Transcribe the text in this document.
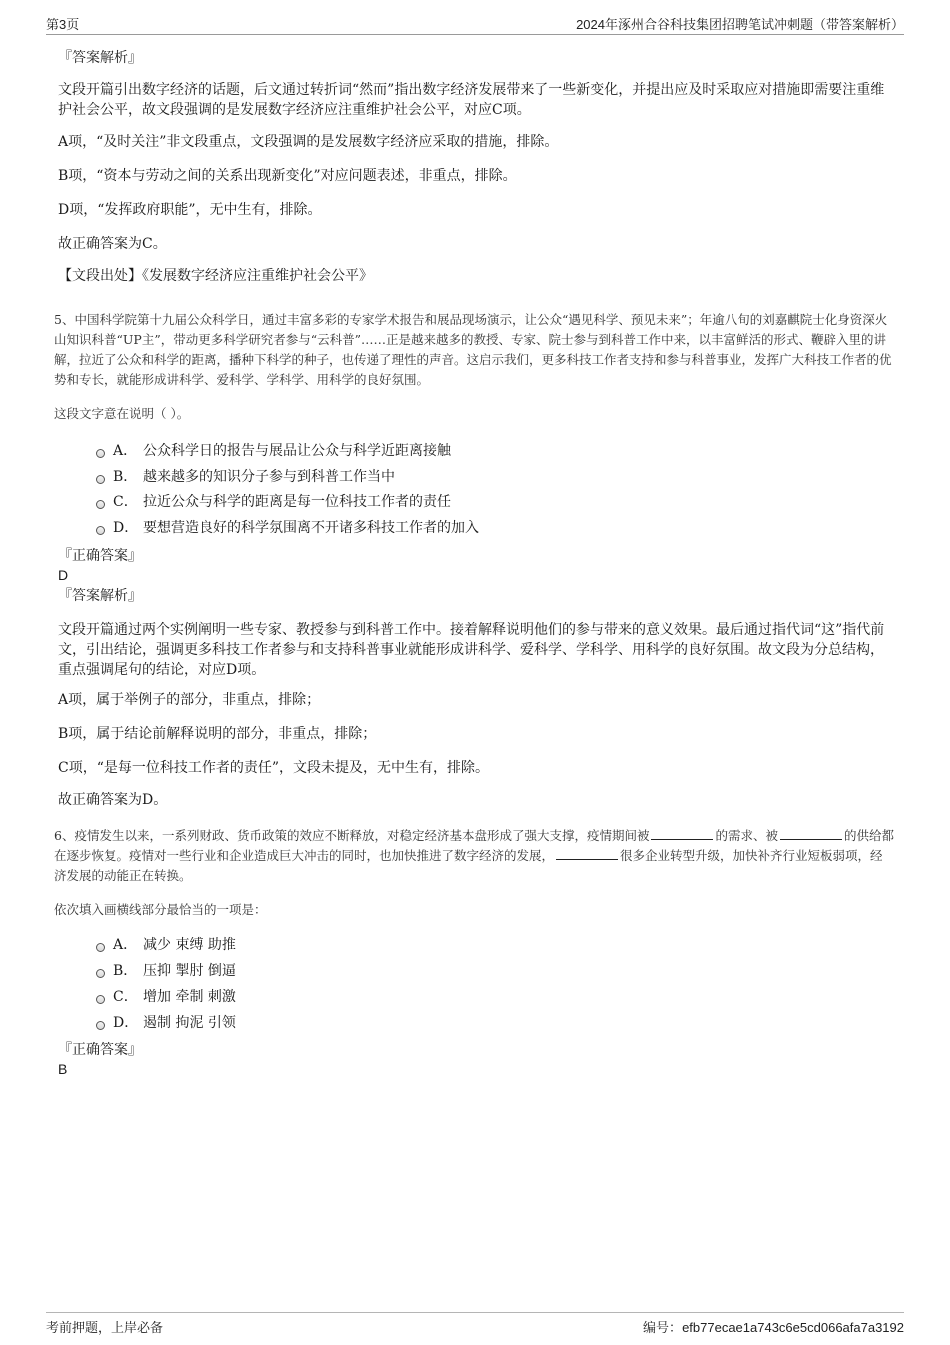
第3页	2024年涿州合谷科技集团招聘笔试冲刺题（带答案解析）

『答案解析』

文段开篇引出数字经济的话题，后文通过转折词“然而”指出数字经济发展带来了一些新变化，并提出应及时采取应对措施即需要注重维护社会公平，故文段强调的是发展数字经济应注重维护社会公平，对应C项。

A项，“及时关注”非文段重点，文段强调的是发展数字经济应采取的措施，排除。

B项，“资本与劳动之间的关系出现新变化”对应问题表述，非重点，排除。

D项，“发挥政府职能”，无中生有，排除。

故正确答案为C。

【文段出处】《发展数字经济应注重维护社会公平》

5、中国科学院第十九届公众科学日，通过丰富多彩的专家学术报告和展品现场演示，让公众“遇见科学、预见未来”；年逾八旬的刘嘉麒院士化身资深火山知识科普“UP主”，带动更多科学研究者参与“云科普”……正是越来越多的教授、专家、院士参与到科普工作中来，以丰富鲜活的形式、鞭辟入里的讲解，拉近了公众和科学的距离，播种下科学的种子，也传递了理性的声音。这启示我们，更多科技工作者支持和参与科普事业，发挥广大科技工作者的优势和专长，就能形成讲科学、爱科学、学科学、用科学的良好氛围。

这段文字意在说明（ ）。

A． 公众科学日的报告与展品让公众与科学近距离接触
B． 越来越多的知识分子参与到科普工作当中
C． 拉近公众与科学的距离是每一位科技工作者的责任
D． 要想营造良好的科学氛围离不开诸多科技工作者的加入

『正确答案』

D

『答案解析』

文段开篇通过两个实例阐明一些专家、教授参与到科普工作中。接着解释说明他们的参与带来的意义效果。最后通过指代词“这”指代前文，引出结论，强调更多科技工作者参与和支持科普事业就能形成讲科学、爱科学、学科学、用科学的良好氛围。故文段为分总结构，重点强调尾句的结论，对应D项。

A项，属于举例子的部分，非重点，排除；

B项，属于结论前解释说明的部分，非重点，排除；

C项，“是每一位科技工作者的责任”，文段未提及，无中生有，排除。

故正确答案为D。

6、疫情发生以来，一系列财政、货币政策的效应不断释放，对稳定经济基本盘形成了强大支撑，疫情期间被	的需求、被	的供给都在逐步恢复。疫情对一些行业和企业造成巨大冲击的同时，也加快推进了数字经济的发展，	很多企业转型升级，加快补齐行业短板弱项，经济发展的动能正在转换。

依次填入画横线部分最恰当的一项是：

A． 减少 束缚 助推
B． 压抑 掣肘 倒逼
C． 增加 牵制 刺激
D． 遏制 拘泥 引领

『正确答案』

B

考前押题，上岸必备	编号：efb77ecae1a743c6e5cd066afa7a3192
